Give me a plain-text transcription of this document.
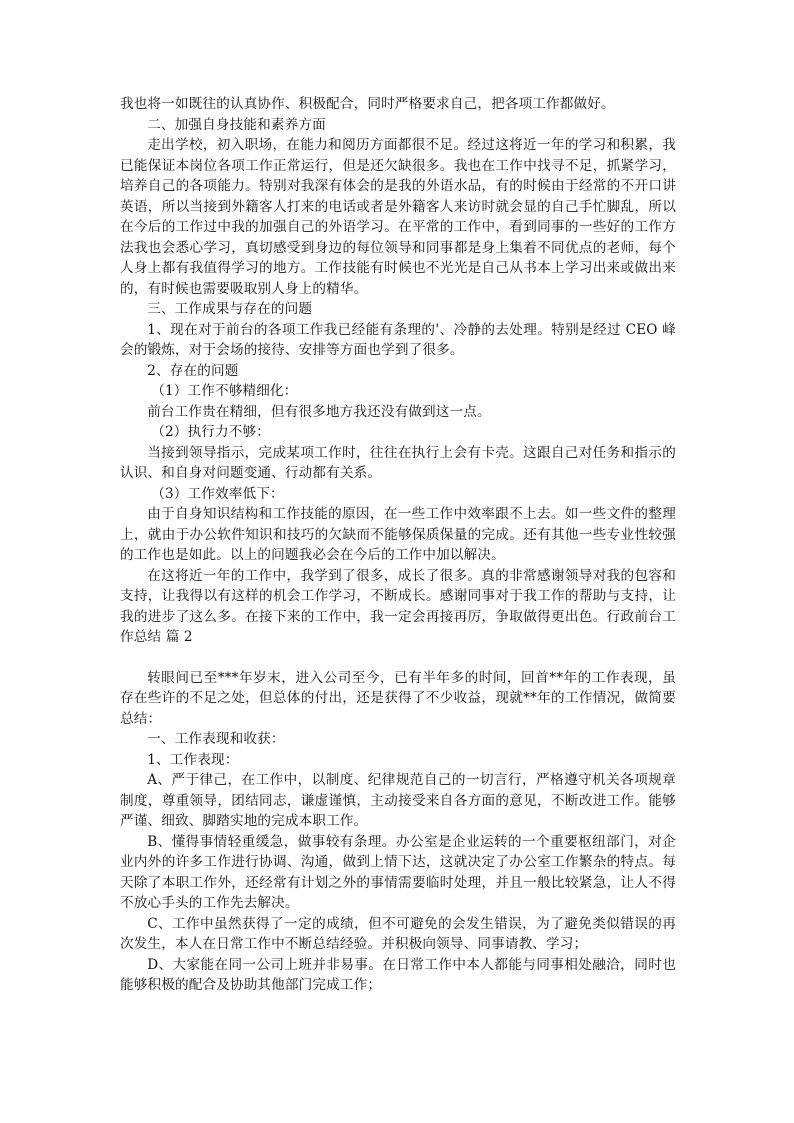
我也将一如既往的认真协作、积极配合，同时严格要求自己，把各项工作都做好。

二、加强自身技能和素养方面

走出学校，初入职场，在能力和阅历方面都很不足。经过这将近一年的学习和积累，我已能保证本岗位各项工作正常运行，但是还欠缺很多。我也在工作中找寻不足，抓紧学习，培养自己的各项能力。特别对我深有体会的是我的外语水品，有的时候由于经常的不开口讲英语，所以当接到外籍客人打来的电话或者是外籍客人来访时就会显的自己手忙脚乱，所以在今后的工作过中我的加强自己的外语学习。在平常的工作中，看到同事的一些好的工作方法我也会悉心学习，真切感受到身边的每位领导和同事都是身上集着不同优点的老师，每个人身上都有我值得学习的地方。工作技能有时候也不光光是自己从书本上学习出来或做出来的，有时候也需要吸取别人身上的精华。

三、工作成果与存在的问题

1、现在对于前台的各项工作我已经能有条理的'、冷静的去处理。特别是经过 CEO 峰会的锻炼，对于会场的接待、安排等方面也学到了很多。

2、存在的问题

（1）工作不够精细化：

前台工作贵在精细，但有很多地方我还没有做到这一点。

（2）执行力不够：

当接到领导指示，完成某项工作时，往往在执行上会有卡壳。这跟自己对任务和指示的认识、和自身对问题变通、行动都有关系。

（3）工作效率低下：

由于自身知识结构和工作技能的原因，在一些工作中效率跟不上去。如一些文件的整理上，就由于办公软件知识和技巧的欠缺而不能够保质保量的完成。还有其他一些专业性较强的工作也是如此。以上的问题我必会在今后的工作中加以解决。

在这将近一年的工作中，我学到了很多，成长了很多。真的非常感谢领导对我的包容和支持，让我得以有这样的机会工作学习，不断成长。感谢同事对于我工作的帮助与支持，让我的进步了这么多。在接下来的工作中，我一定会再接再厉，争取做得更出色。行政前台工作总结 篇 2

转眼间已至***年岁末，进入公司至今，已有半年多的时间，回首**年的工作表现，虽存在些许的不足之处，但总体的付出，还是获得了不少收益，现就**年的工作情况，做简要总结：

一、工作表现和收获：

1、工作表现：

A、严于律己，在工作中，以制度、纪律规范自己的一切言行，严格遵守机关各项规章制度，尊重领导，团结同志，谦虚谨慎，主动接受来自各方面的意见，不断改进工作。能够严谨、细致、脚踏实地的完成本职工作。

B、懂得事情轻重缓急，做事较有条理。办公室是企业运转的一个重要枢纽部门，对企业内外的许多工作进行协调、沟通，做到上情下达，这就决定了办公室工作繁杂的特点。每天除了本职工作外，还经常有计划之外的事情需要临时处理，并且一般比较紧急，让人不得不放心手头的工作先去解决。

C、工作中虽然获得了一定的成绩，但不可避免的会发生错误，为了避免类似错误的再次发生，本人在日常工作中不断总结经验。并积极向领导、同事请教、学习；

D、大家能在同一公司上班并非易事。在日常工作中本人都能与同事相处融洽，同时也能够积极的配合及协助其他部门完成工作；
